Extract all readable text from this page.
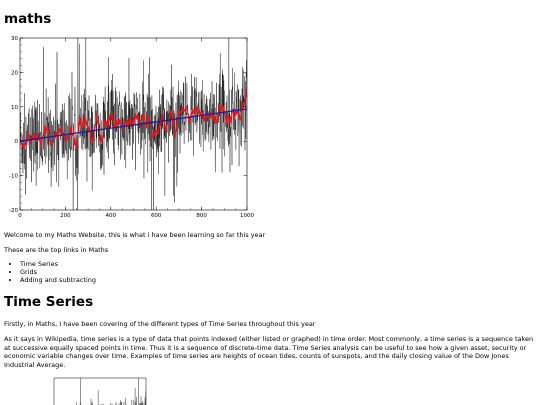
maths
0	200	400	600	800	1000
-20
-10
0
10
20
30

Welcome to my Maths Website, this is what i have been learning so far this year

These are the top links in Maths

• Time Series
• Grids
• Adding and subtracting
Time Series

Firstly, in Maths, I have been covering of the different types of Time Series throughout this year

As it says in Wikipedia, time series is a type of data that points indexed (either listed or graphed) in time order. Most commonly, a time series is a sequence taken at successive equally spaced points in time. Thus it is a sequence of discrete-time data. Time Series analysis can be useful to see how a given asset, security or economic variable changes over time. Examples of time series are heights of ocean tides, counts of sunspots, and the daily closing value of the Dow Jones Industrial Average.
